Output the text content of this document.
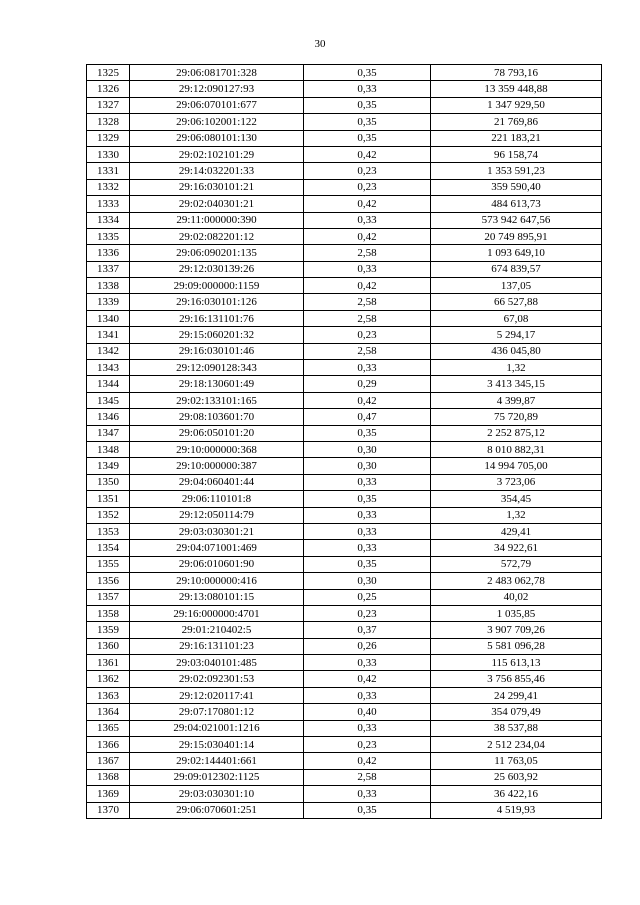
30
1325	29:06:081701:328	0,35	78 793,16
1326	29:12:090127:93	0,33	13 359 448,88
1327	29:06:070101:677	0,35	1 347 929,50
1328	29:06:102001:122	0,35	21 769,86
1329	29:06:080101:130	0,35	221 183,21
1330	29:02:102101:29	0,42	96 158,74
1331	29:14:032201:33	0,23	1 353 591,23
1332	29:16:030101:21	0,23	359 590,40
1333	29:02:040301:21	0,42	484 613,73
1334	29:11:000000:390	0,33	573 942 647,56
1335	29:02:082201:12	0,42	20 749 895,91
1336	29:06:090201:135	2,58	1 093 649,10
1337	29:12:030139:26	0,33	674 839,57
1338	29:09:000000:1159	0,42	137,05
1339	29:16:030101:126	2,58	66 527,88
1340	29:16:131101:76	2,58	67,08
1341	29:15:060201:32	0,23	5 294,17
1342	29:16:030101:46	2,58	436 045,80
1343	29:12:090128:343	0,33	1,32
1344	29:18:130601:49	0,29	3 413 345,15
1345	29:02:133101:165	0,42	4 399,87
1346	29:08:103601:70	0,47	75 720,89
1347	29:06:050101:20	0,35	2 252 875,12
1348	29:10:000000:368	0,30	8 010 882,31
1349	29:10:000000:387	0,30	14 994 705,00
1350	29:04:060401:44	0,33	3 723,06
1351	29:06:110101:8	0,35	354,45
1352	29:12:050114:79	0,33	1,32
1353	29:03:030301:21	0,33	429,41
1354	29:04:071001:469	0,33	34 922,61
1355	29:06:010601:90	0,35	572,79
1356	29:10:000000:416	0,30	2 483 062,78
1357	29:13:080101:15	0,25	40,02
1358	29:16:000000:4701	0,23	1 035,85
1359	29:01:210402:5	0,37	3 907 709,26
1360	29:16:131101:23	0,26	5 581 096,28
1361	29:03:040101:485	0,33	115 613,13
1362	29:02:092301:53	0,42	3 756 855,46
1363	29:12:020117:41	0,33	24 299,41
1364	29:07:170801:12	0,40	354 079,49
1365	29:04:021001:1216	0,33	38 537,88
1366	29:15:030401:14	0,23	2 512 234,04
1367	29:02:144401:661	0,42	11 763,05
1368	29:09:012302:1125	2,58	25 603,92
1369	29:03:030301:10	0,33	36 422,16
1370	29:06:070601:251	0,35	4 519,93
